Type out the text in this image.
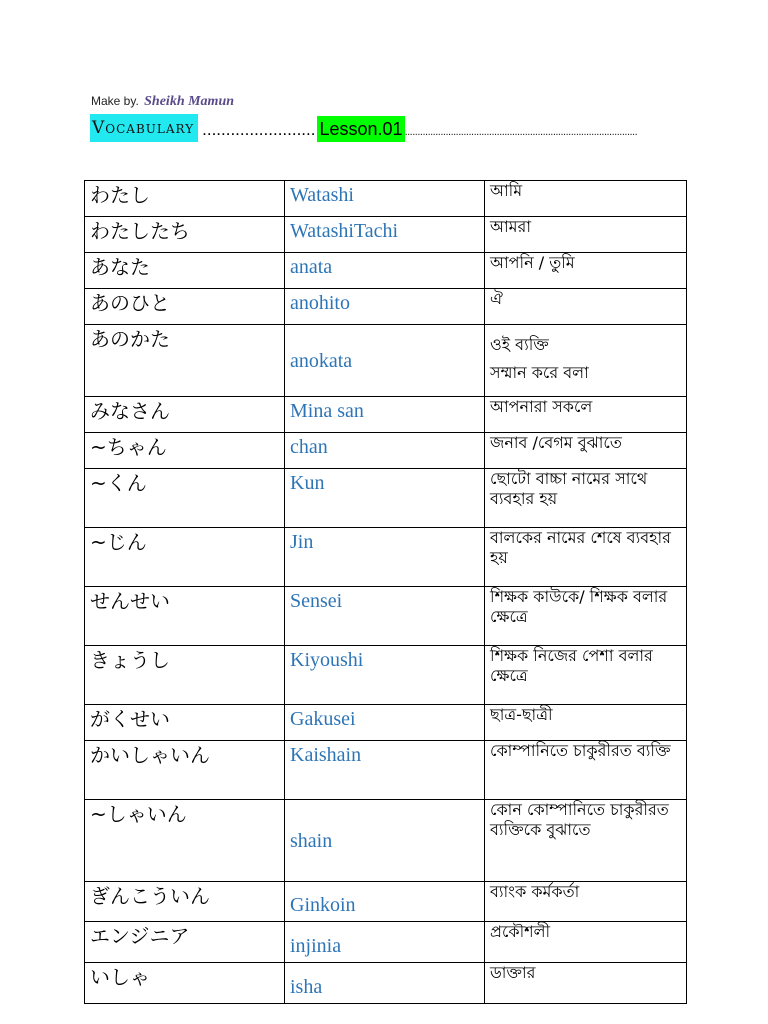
Make by. Sheikh Mamun
Vocabulary ........................ Lesson.01 ...........................................................................................
わたし	Watashi	আমি
わたしたち	WatashiTachi	আমরা
あなた	anata	আপনি / তুমি
あのひと	anohito	ঐ
あのかた	anokata	ওই ব্যক্তি
সম্মান করে বলা

みなさん	Mina san	আপনারা সকলে
~ちゃん	chan	জনাব /বেগম বুঝাতে
~くん	Kun	ছোটো বাচ্চা নামের সাথে ব্যবহার হয়
~じん	Jin	বালকের নামের শেষে ব্যবহার হয়
せんせい	Sensei	শিক্ষক কাউকে/ শিক্ষক বলার ক্ষেত্রে
きょうし	Kiyoushi	শিক্ষক নিজের পেশা বলার ক্ষেত্রে
がくせい	Gakusei	ছাত্র-ছাত্রী
かいしゃいん	Kaishain	কোম্পানিতে চাকুরীরত ব্যক্তি
~しゃいん	shain	কোন কোম্পানিতে চাকুরীরত ব্যক্তিকে বুঝাতে
ぎんこういん	Ginkoin	ব্যাংক কর্মকর্তা
エンジニア	injinia	প্রকৌশলী
いしゃ	isha	ডাক্তার
